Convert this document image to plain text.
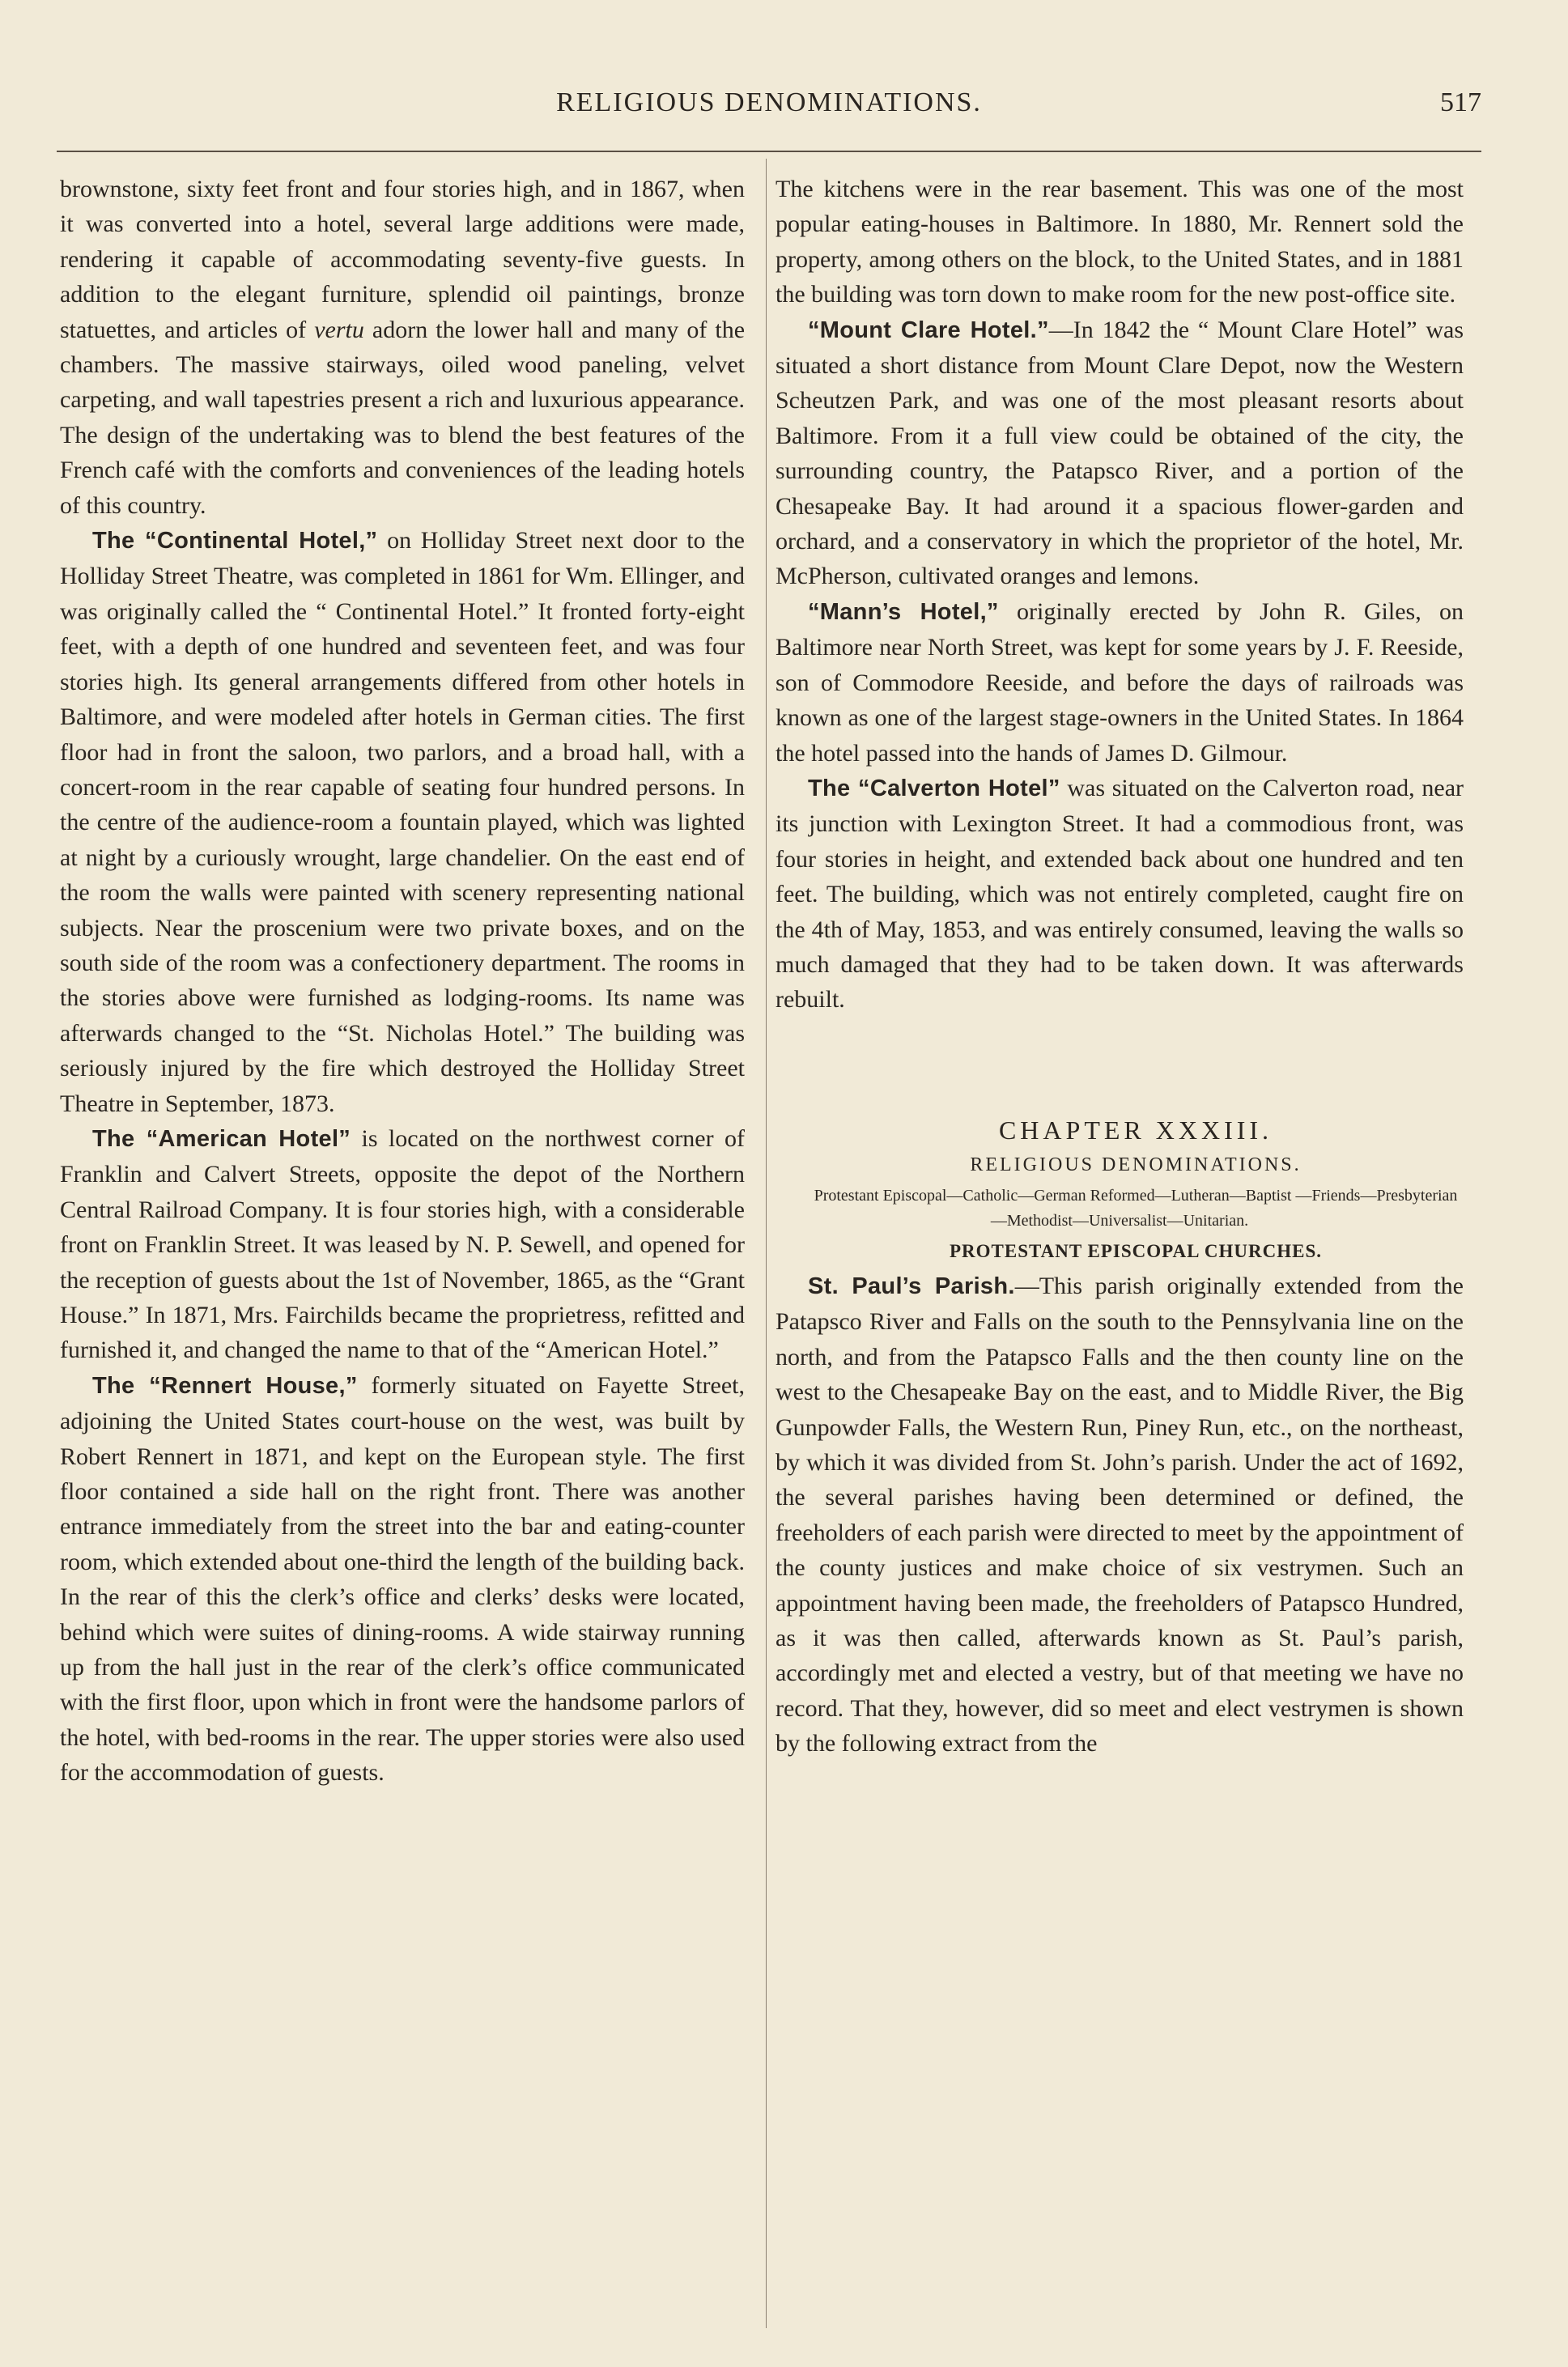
RELIGIOUS DENOMINATIONS.	517

brownstone, sixty feet front and four stories high, and in 1867, when it was converted into a hotel, several large additions were made, rendering it capable of accommodating seventy-five guests. In addition to the elegant furniture, splendid oil paintings, bronze statuettes, and articles of vertu adorn the lower hall and many of the chambers. The massive stairways, oiled wood paneling, velvet carpeting, and wall tapestries present a rich and luxurious appearance. The design of the undertaking was to blend the best features of the French café with the comforts and conveniences of the leading hotels of this country.

The “Continental Hotel,” on Holliday Street next door to the Holliday Street Theatre, was completed in 1861 for Wm. Ellinger, and was originally called the “ Continental Hotel.” It fronted forty-eight feet, with a depth of one hundred and seventeen feet, and was four stories high. Its general arrangements differed from other hotels in Baltimore, and were modeled after hotels in German cities. The first floor had in front the saloon, two parlors, and a broad hall, with a concert-room in the rear capable of seating four hundred persons. In the centre of the audience-room a fountain played, which was lighted at night by a curiously wrought, large chandelier. On the east end of the room the walls were painted with scenery representing national subjects. Near the proscenium were two private boxes, and on the south side of the room was a confectionery department. The rooms in the stories above were furnished as lodging-rooms. Its name was afterwards changed to the “St. Nicholas Hotel.” The building was seriously injured by the fire which destroyed the Holliday Street Theatre in September, 1873.

The “American Hotel” is located on the northwest corner of Franklin and Calvert Streets, opposite the depot of the Northern Central Railroad Company. It is four stories high, with a considerable front on Franklin Street. It was leased by N. P. Sewell, and opened for the reception of guests about the 1st of November, 1865, as the “Grant House.” In 1871, Mrs. Fairchilds became the proprietress, refitted and furnished it, and changed the name to that of the “American Hotel.”

The “Rennert House,” formerly situated on Fayette Street, adjoining the United States court-house on the west, was built by Robert Rennert in 1871, and kept on the European style. The first floor contained a side hall on the right front. There was another entrance immediately from the street into the bar and eating-counter room, which extended about one-third the length of the building back. In the rear of this the clerk’s office and clerks’ desks were located, behind which were suites of dining-rooms. A wide stairway running up from the hall just in the rear of the clerk’s office communicated with the first floor, upon which in front were the handsome parlors of the hotel, with bed-rooms in the rear. The upper stories were also used for the accommodation of guests.

The kitchens were in the rear basement. This was one of the most popular eating-houses in Baltimore. In 1880, Mr. Rennert sold the property, among others on the block, to the United States, and in 1881 the building was torn down to make room for the new post-office site.

“Mount Clare Hotel.”—In 1842 the “ Mount Clare Hotel” was situated a short distance from Mount Clare Depot, now the Western Scheutzen Park, and was one of the most pleasant resorts about Baltimore. From it a full view could be obtained of the city, the surrounding country, the Patapsco River, and a portion of the Chesapeake Bay. It had around it a spacious flower-garden and orchard, and a conservatory in which the proprietor of the hotel, Mr. McPherson, cultivated oranges and lemons.

“Mann’s Hotel,” originally erected by John R. Giles, on Baltimore near North Street, was kept for some years by J. F. Reeside, son of Commodore Reeside, and before the days of railroads was known as one of the largest stage-owners in the United States. In 1864 the hotel passed into the hands of James D. Gilmour.

The “Calverton Hotel” was situated on the Calverton road, near its junction with Lexington Street. It had a commodious front, was four stories in height, and extended back about one hundred and ten feet. The building, which was not entirely completed, caught fire on the 4th of May, 1853, and was entirely consumed, leaving the walls so much damaged that they had to be taken down. It was afterwards rebuilt.

CHAPTER XXXIII.

RELIGIOUS DENOMINATIONS.

Protestant Episcopal—Catholic—German Reformed—Lutheran—Baptist —Friends—Presbyterian—Methodist—Universalist—Unitarian.

PROTESTANT EPISCOPAL CHURCHES.

St. Paul’s Parish.—This parish originally extended from the Patapsco River and Falls on the south to the Pennsylvania line on the north, and from the Patapsco Falls and the then county line on the west to the Chesapeake Bay on the east, and to Middle River, the Big Gunpowder Falls, the Western Run, Piney Run, etc., on the northeast, by which it was divided from St. John’s parish. Under the act of 1692, the several parishes having been determined or defined, the freeholders of each parish were directed to meet by the appointment of the county justices and make choice of six vestrymen. Such an appointment having been made, the freeholders of Patapsco Hundred, as it was then called, afterwards known as St. Paul’s parish, accordingly met and elected a vestry, but of that meeting we have no record. That they, however, did so meet and elect vestrymen is shown by the following extract from the
